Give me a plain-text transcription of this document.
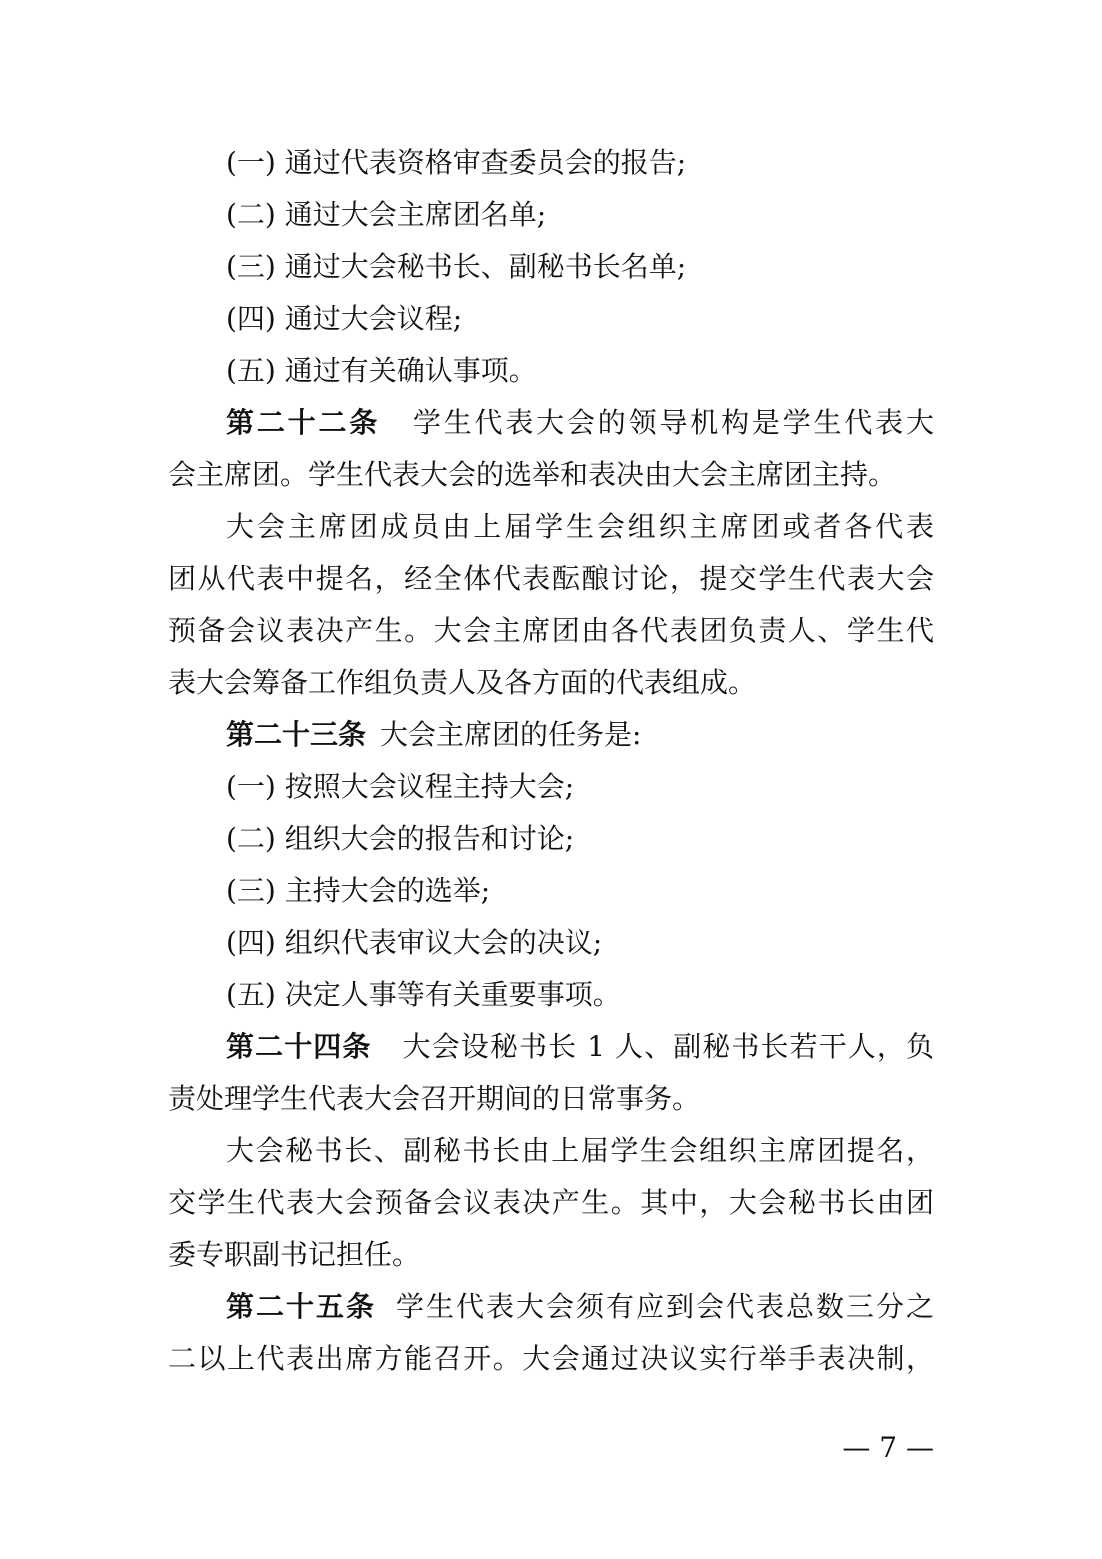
(一) 通过代表资格审查委员会的报告;
(二) 通过大会主席团名单;
(三) 通过大会秘书长、副秘书长名单;
(四) 通过大会议程;
(五) 通过有关确认事项。
第二十二条 学生代表大会的领导机构是学生代表大
会主席团。学生代表大会的选举和表决由大会主席团主持。
大会主席团成员由上届学生会组织主席团或者各代表
团从代表中提名，经全体代表酝酿讨论，提交学生代表大会
预备会议表决产生。大会主席团由各代表团负责人、学生代
表大会筹备工作组负责人及各方面的代表组成。
第二十三条 大会主席团的任务是:
(一) 按照大会议程主持大会;
(二) 组织大会的报告和讨论;
(三) 主持大会的选举;
(四) 组织代表审议大会的决议;
(五) 决定人事等有关重要事项。
第二十四条 大会设秘书长 1 人、副秘书长若干人，负
责处理学生代表大会召开期间的日常事务。
大会秘书长、副秘书长由上届学生会组织主席团提名，
交学生代表大会预备会议表决产生。其中，大会秘书长由团
委专职副书记担任。
第二十五条 学生代表大会须有应到会代表总数三分之
二以上代表出席方能召开。大会通过决议实行举手表决制，
— 7 —
